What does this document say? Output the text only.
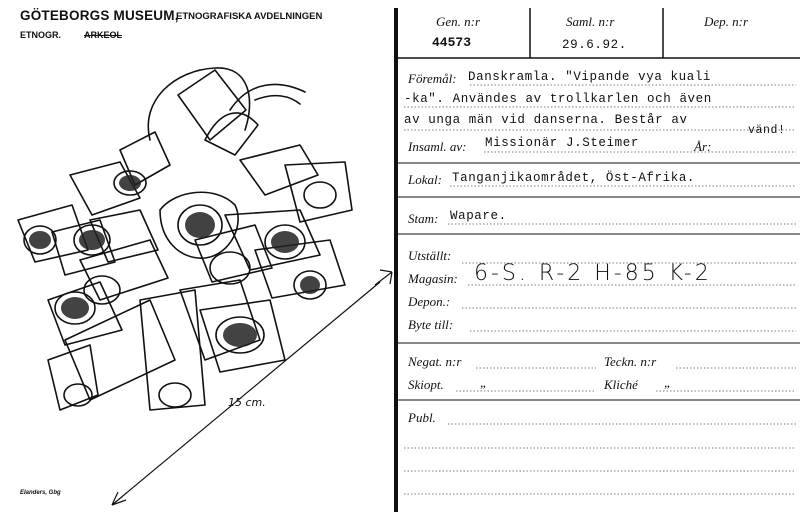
GÖTEBORGS MUSEUM,
ETNOGRAFISKA AVDELNINGEN
ETNOGR.	ARKEOL
15 cm.
Elanders, Gbg
Gen. n:r
44573
Saml. n:r
29.6.92.
Dep. n:r
Föremål: Danskramla. "Vipande vya kuali
-ka". Användes av trollkarlen och även
av unga män vid danserna. Består av
vänd!
Insaml. av: Missionär J.Steimer	År:
Lokal: Tanganjikaområdet, Öst-Afrika.
Stam: Wapare.
Utställt:
Magasin: 6-S. R-2 H-85 K-2
Depon.:
Byte till:
Negat. n:r	Teckn. n:r
Skiopt.	„	Kliché „
Publ.
